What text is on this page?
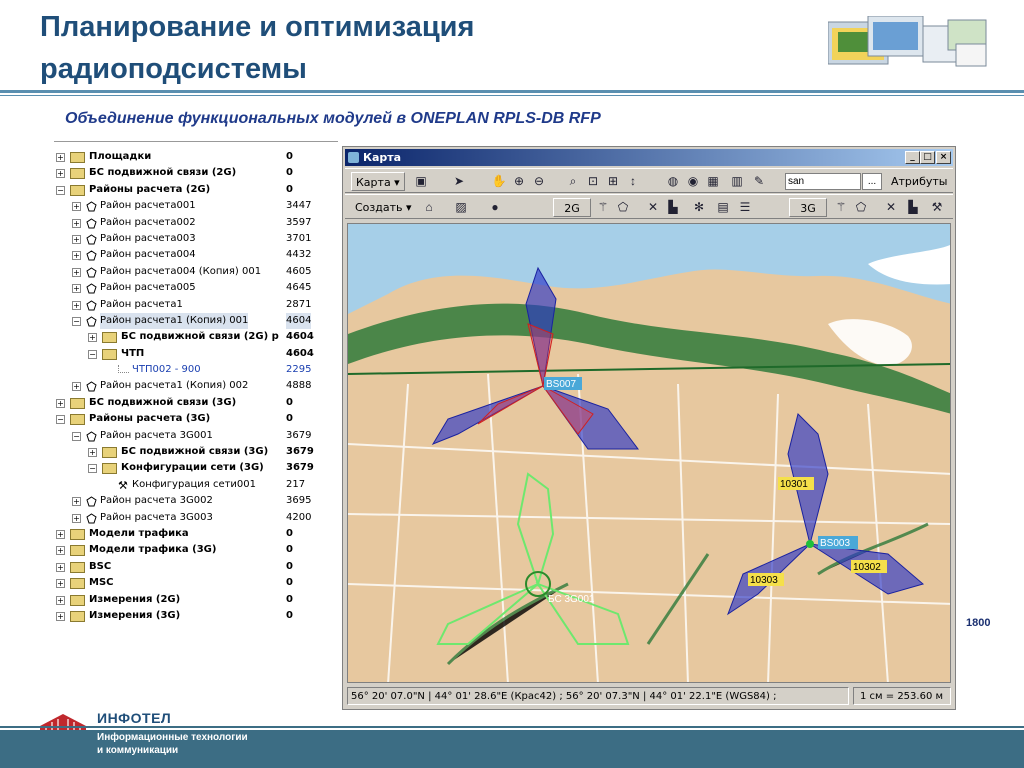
Планирование и оптимизация
радиоподсистемы
Объединение функциональных модулей в ONEPLAN RPLS-DB RFP
+	Площадки	0
+	БС подвижной связи (2G)	0
−	Районы расчета (2G)	0
+ Район расчета001	3447
+ Район расчета002	3597
+ Район расчета003	3701
+ Район расчета004	4432
+ Район расчета004 (Копия) 001 4605
+ Район расчета005	4645
+ Район расчета1	2871
− Район расчета1 (Копия) 001	4604
+	БС подвижной связи (2G) р 4604
−	ЧТП	4604
ЧТП002 - 900	2295
+ Район расчета1 (Копия) 002	4888
+	БС подвижной связи (3G)	0
−	Районы расчета (3G)	0
− Район расчета 3G001	3679
+	БС подвижной связи (3G) 3679
−	Конфигурации сети (3G) 3679
⚒ Конфигурация сети001	217
+ Район расчета 3G002	3695
+ Район расчета 3G003	4200
+	Модели трафика	0
+	Модели трафика (3G)	0
+	BSC	0
+	MSC	0
+	Измерения (2G)	0
+	Измерения (3G)	0
Карта	_ □ ×
Карта ▾	▣ ➤ ✋ ⊕ ⊖	⌕ ⊡ ⊞ ↕	◍ ◉ ▦ ▥ ✎	san	...	Атрибуты
Создать ▾	⌂	▨	●	2G	⚚ ⬠ ✕ ▙ ✻ ▤ ☰	3G	⚚ ⬠ ✕ ▙ ⚒
BS007
BS003
БС 3G001
10301
10302
10303
56° 20' 07.0"N | 44° 01' 28.6"E (Крас42) ; 56° 20' 07.3"N | 44° 01' 22.1"E (WGS84) ;	1 см = 253.60 м
1800
ИНФОТЕЛ
Информационные технологии
и коммуникации
